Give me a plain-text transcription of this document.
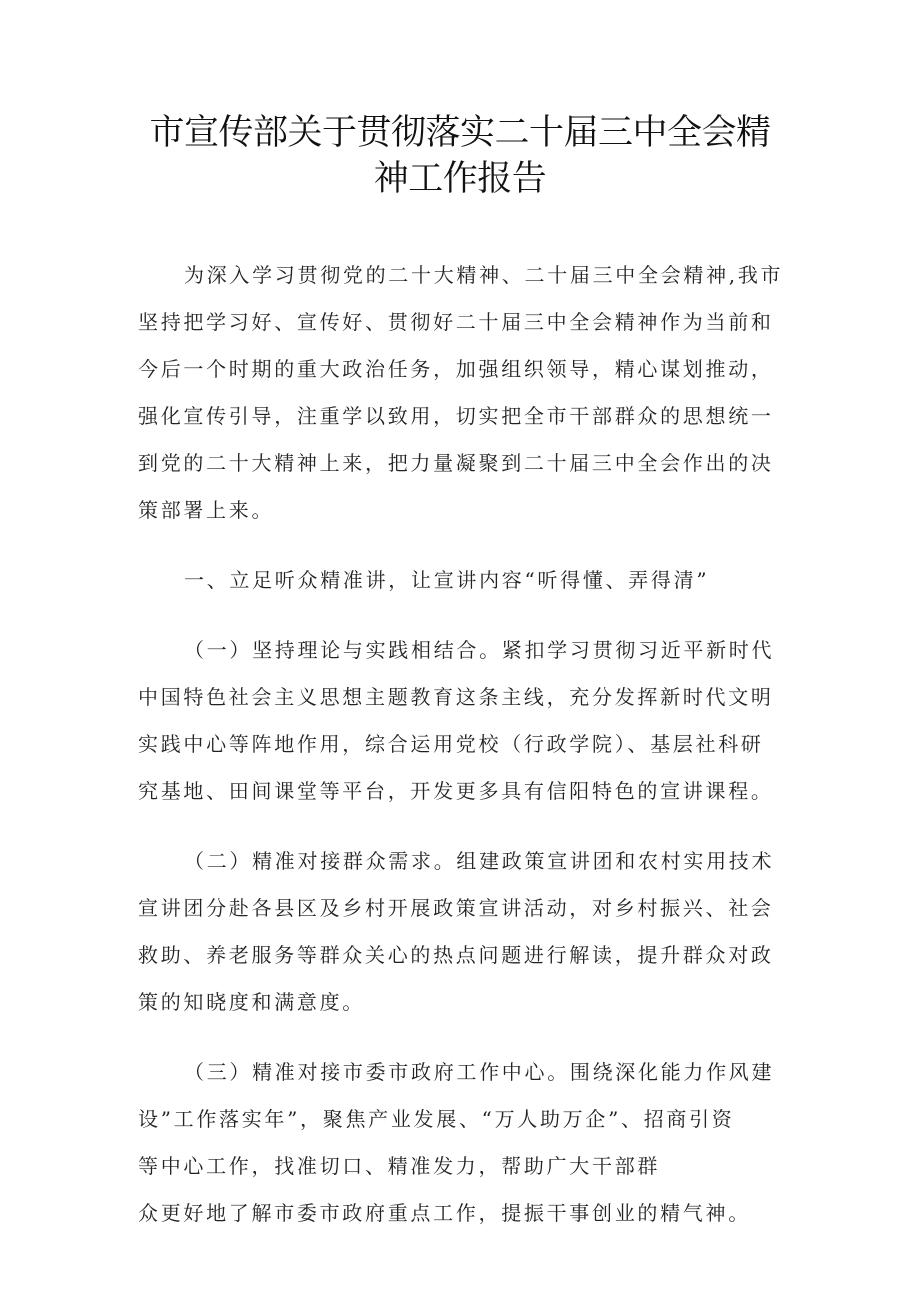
市宣传部关于贯彻落实二十届三中全会精
神工作报告
为深入学习贯彻党的二十大精神、二十届三中全会精神,我市
坚持把学习好、宣传好、贯彻好二十届三中全会精神作为当前和
今后一个时期的重大政治任务，加强组织领导，精心谋划推动，
强化宣传引导，注重学以致用，切实把全市干部群众的思想统一
到党的二十大精神上来，把力量凝聚到二十届三中全会作出的决
策部署上来。
一、立足听众精准讲，让宣讲内容“听得懂、弄得清”
（一）坚持理论与实践相结合。紧扣学习贯彻习近平新时代
中国特色社会主义思想主题教育这条主线，充分发挥新时代文明
实践中心等阵地作用，综合运用党校（行政学院）、基层社科研
究基地、田间课堂等平台，开发更多具有信阳特色的宣讲课程。
（二）精准对接群众需求。组建政策宣讲团和农村实用技术
宣讲团分赴各县区及乡村开展政策宣讲活动，对乡村振兴、社会
救助、养老服务等群众关心的热点问题进行解读，提升群众对政
策的知晓度和满意度。
（三）精准对接市委市政府工作中心。围绕深化能力作风建
设”工作落实年”，聚焦产业发展、“万人助万企”、招商引资
等中心工作，找准切口、精准发力，帮助广大干部群
众更好地了解市委市政府重点工作，提振干事创业的精气神。
